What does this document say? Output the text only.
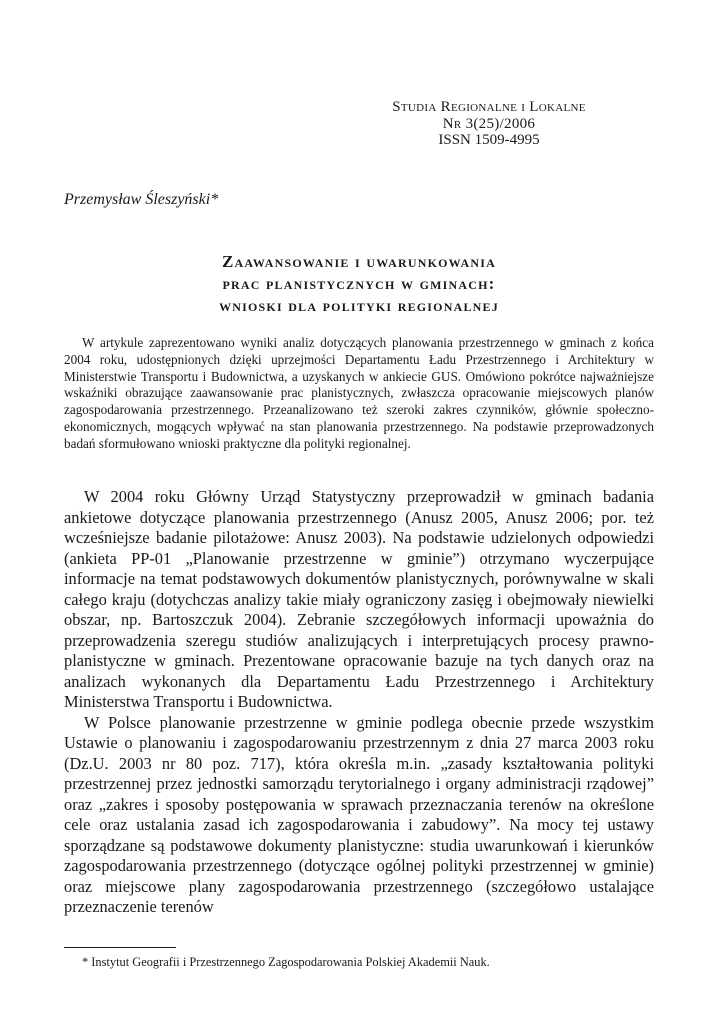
Studia Regionalne i Lokalne
Nr 3(25)/2006
ISSN 1509-4995
Przemysław Śleszyński*
Zaawansowanie i uwarunkowania
prac planistycznych w gminach:
wnioski dla polityki regionalnej

W artykule zaprezentowano wyniki analiz dotyczących planowania przestrzennego w gminach z końca 2004 roku, udostępnionych dzięki uprzejmości Departamentu Ładu Przestrzennego i Architektury w Ministerstwie Transportu i Budownictwa, a uzyskanych w ankiecie GUS. Omówiono pokrótce najważniejsze wskaźniki obrazujące zaawansowanie prac planistycznych, zwłaszcza opracowanie miejscowych planów zagospodarowania przestrzennego. Przeanalizowano też szeroki zakres czynników, głównie społeczno-ekonomicznych, mogących wpływać na stan planowania przestrzennego. Na podstawie przeprowadzonych badań sformułowano wnioski praktyczne dla polityki regionalnej.

W 2004 roku Główny Urząd Statystyczny przeprowadził w gminach badania ankietowe dotyczące planowania przestrzennego (Anusz 2005, Anusz 2006; por. też wcześniejsze badanie pilotażowe: Anusz 2003). Na podstawie udzielonych odpowiedzi (ankieta PP-01 „Planowanie przestrzenne w gminie”) otrzymano wyczerpujące informacje na temat podstawowych dokumentów planistycznych, porównywalne w skali całego kraju (dotychczas analizy takie miały ograniczony zasięg i obejmowały niewielki obszar, np. Bartoszczuk 2004). Zebranie szczegółowych informacji upoważnia do przeprowadzenia szeregu studiów analizujących i interpretujących procesy prawno-planistyczne w gminach. Prezentowane opracowanie bazuje na tych danych oraz na analizach wykonanych dla Departamentu Ładu Przestrzennego i Architektury Ministerstwa Transportu i Budownictwa.

W Polsce planowanie przestrzenne w gminie podlega obecnie przede wszystkim Ustawie o planowaniu i zagospodarowaniu przestrzennym z dnia 27 marca 2003 roku (Dz.U. 2003 nr 80 poz. 717), która określa m.in. „zasady kształtowania polityki przestrzennej przez jednostki samorządu terytorialnego i organy administracji rządowej” oraz „zakres i sposoby postępowania w sprawach przeznaczania terenów na określone cele oraz ustalania zasad ich zagospodarowania i zabudowy”. Na mocy tej ustawy sporządzane są podstawowe dokumenty planistyczne: studia uwarunkowań i kierunków zagospodarowania przestrzennego (dotyczące ogólnej polityki przestrzennej w gminie) oraz miejscowe plany zagospodarowania przestrzennego (szczegółowo ustalające przeznaczenie terenów

* Instytut Geografii i Przestrzennego Zagospodarowania Polskiej Akademii Nauk.
